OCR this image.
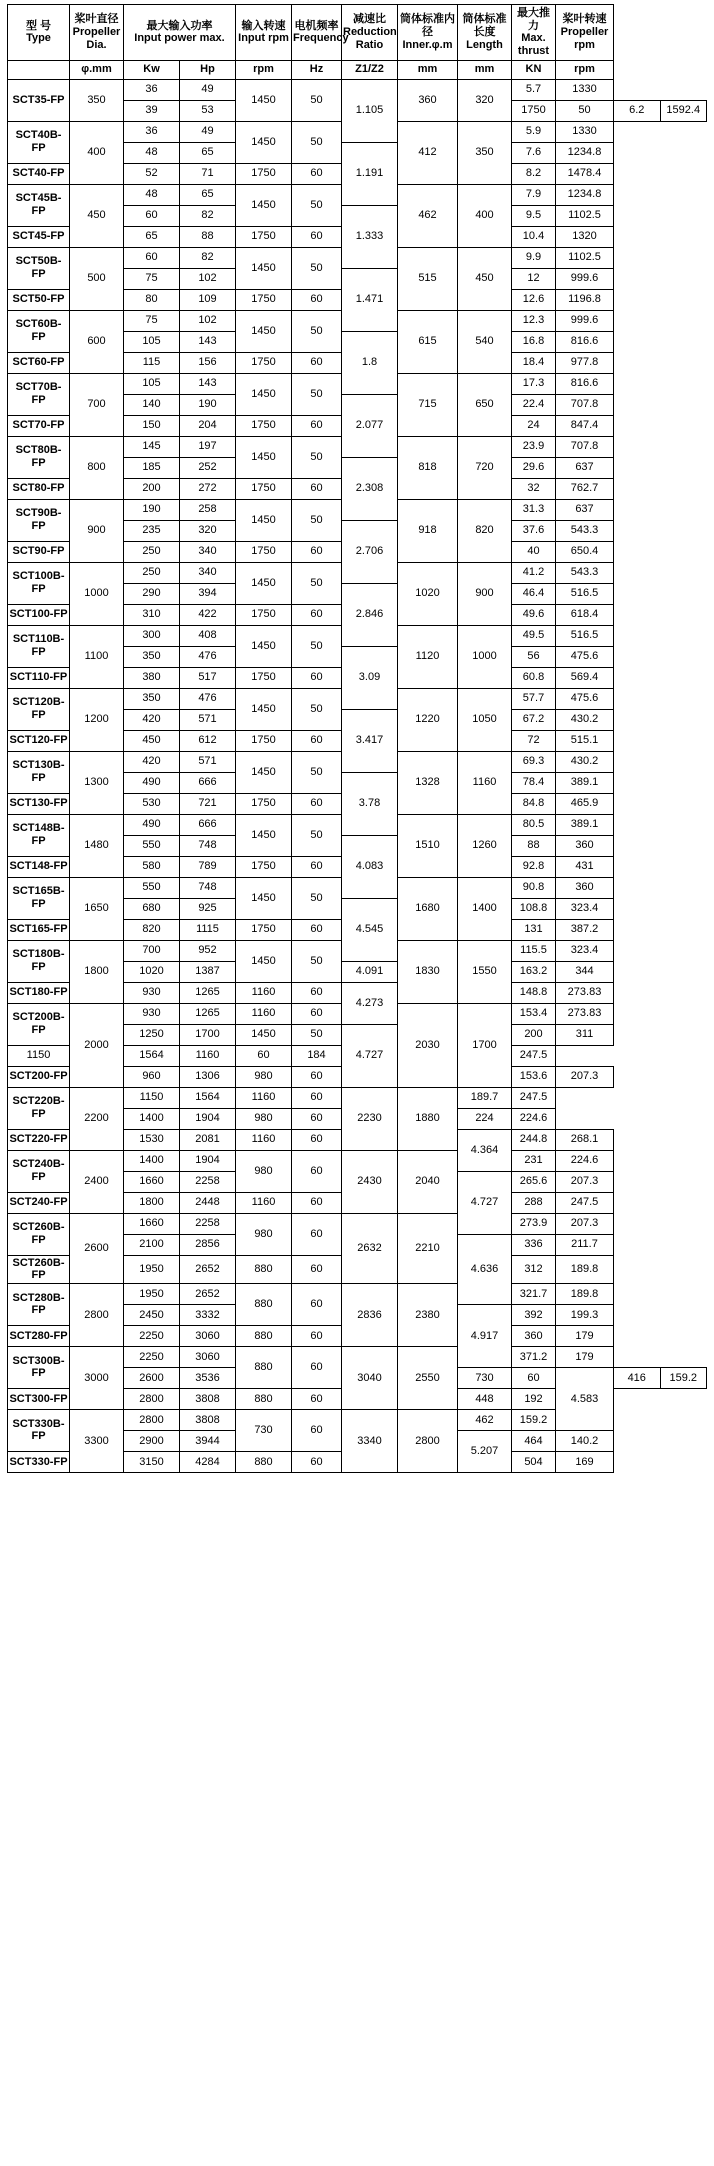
型 号
Type	桨叶直径
Propeller Dia.	最大输入功率
Input power max.		输入转速
Input rpm	电机频率
Frequency	减速比
Reduction Ratio	筒体标准内径
Inner.φ.m	筒体标准长度
Length	最大推力
Max. thrust	桨叶转速
Propeller rpm		

	φ.mm	Kw	Hp	rpm	Hz	Z1/Z2	mm	mm	KN	rpm		
SCT35-FP	350	36	49	1450	50	1.105	360	320	5.7	1330		
		39	53						1750	50	6.2	1592.4
SCT40B-FP	400	36	49	1450	50		412	350	5.9	1330		
		48	65			1.191			7.6	1234.8		
SCT40-FP		52	71	1750	60				8.2	1478.4		
SCT45B-FP	450	48	65	1450	50		462	400	7.9	1234.8		
		60	82			1.333			9.5	1102.5		
SCT45-FP		65	88	1750	60				10.4	1320		
SCT50B-FP	500	60	82	1450	50		515	450	9.9	1102.5		
		75	102			1.471			12	999.6		
SCT50-FP		80	109	1750	60				12.6	1196.8		
SCT60B-FP	600	75	102	1450	50		615	540	12.3	999.6		
		105	143			1.8			16.8	816.6		
SCT60-FP		115	156	1750	60				18.4	977.8		
SCT70B-FP	700	105	143	1450	50		715	650	17.3	816.6		
		140	190			2.077			22.4	707.8		
SCT70-FP		150	204	1750	60				24	847.4		
SCT80B-FP	800	145	197	1450	50		818	720	23.9	707.8		
		185	252			2.308			29.6	637		
SCT80-FP		200	272	1750	60				32	762.7		
SCT90B-FP	900	190	258	1450	50		918	820	31.3	637		
		235	320			2.706			37.6	543.3		
SCT90-FP		250	340	1750	60				40	650.4		
SCT100B-FP	1000	250	340	1450	50		1020	900	41.2	543.3		
		290	394			2.846			46.4	516.5		
SCT100-FP		310	422	1750	60				49.6	618.4		
SCT110B-FP	1100	300	408	1450	50		1120	1000	49.5	516.5		
		350	476			3.09			56	475.6		
SCT110-FP		380	517	1750	60				60.8	569.4		
SCT120B-FP	1200	350	476	1450	50		1220	1050	57.7	475.6		
		420	571			3.417			67.2	430.2		
SCT120-FP		450	612	1750	60				72	515.1		
SCT130B-FP	1300	420	571	1450	50		1328	1160	69.3	430.2		
		490	666			3.78			78.4	389.1		
SCT130-FP		530	721	1750	60				84.8	465.9		
SCT148B-FP	1480	490	666	1450	50		1510	1260	80.5	389.1		
		550	748			4.083			88	360		
SCT148-FP		580	789	1750	60				92.8	431		
SCT165B-FP	1650	550	748	1450	50		1680	1400	90.8	360		
		680	925			4.545			108.8	323.4		
SCT165-FP		820	1115	1750	60				131	387.2		
SCT180B-FP	1800	700	952	1450	50		1830	1550	115.5	323.4		
		1020	1387			4.091			163.2	344		
SCT180-FP		930	1265	1160	60	4.273			148.8	273.83		
SCT200B-FP	2000	930	1265	1160	60		2030	1700	153.4	273.83		
		1250	1700	1450	50	4.727			200	311		
1150		1564	1160	60	184				247.5			
SCT200-FP		960	1306	980	60				153.6	207.3		
SCT220B-FP	2200	1150	1564	1160	60	2230	1880	189.7	247.5			
		1400	1904	980	60			224	224.6			
SCT220-FP		1530	2081	1160	60			4.364	244.8	268.1		
SCT240B-FP	2400	1400	1904	980	60	2430	2040		231	224.6		
		1660	2258					4.727	265.6	207.3		
SCT240-FP		1800	2448	1160	60				288	247.5		
SCT260B-FP	2600	1660	2258	980	60	2632	2210		273.9	207.3		
		2100	2856					4.636	336	211.7		
SCT260B-FP		1950	2652	880	60				312	189.8		
SCT280B-FP	2800	1950	2652	880	60	2836	2380		321.7	189.8		
		2450	3332					4.917	392	199.3		
SCT280-FP		2250	3060	880	60				360	179		
SCT300B-FP	3000	2250	3060	880	60	3040	2550		371.2	179		
		2600	3536					730	60	4.583	416	159.2
SCT300-FP		2800	3808	880	60			448	192			
SCT330B-FP	3300	2800	3808	730	60	3340	2800	462	159.2			
		2900	3944					5.207	464	140.2		
SCT330-FP		3150	4284	880	60				504	169		
